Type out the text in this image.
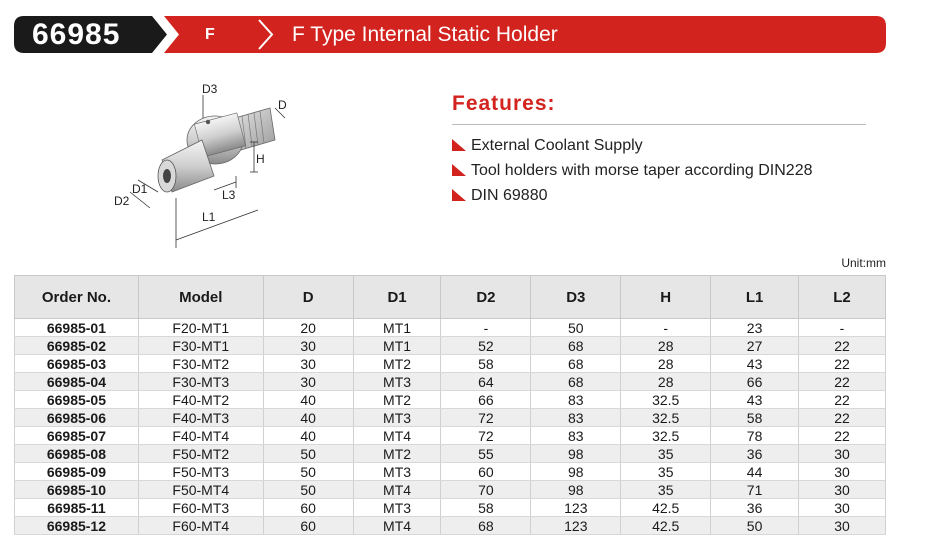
66985	F	F Type Internal Static Holder
D3
D
H
D1
D2	L3
L1
Features:
External Coolant Supply
Tool holders with morse taper according DIN228
DIN 69880
Unit:mm
Order No.	Model	D	D1	D2	D3	H	L1	L2
66985-01	F20-MT1	20	MT1	-	50	-	23	-
66985-02	F30-MT1	30	MT1	52	68	28	27	22
66985-03	F30-MT2	30	MT2	58	68	28	43	22
66985-04	F30-MT3	30	MT3	64	68	28	66	22
66985-05	F40-MT2	40	MT2	66	83	32.5	43	22
66985-06	F40-MT3	40	MT3	72	83	32.5	58	22
66985-07	F40-MT4	40	MT4	72	83	32.5	78	22
66985-08	F50-MT2	50	MT2	55	98	35	36	30
66985-09	F50-MT3	50	MT3	60	98	35	44	30
66985-10	F50-MT4	50	MT4	70	98	35	71	30
66985-11	F60-MT3	60	MT3	58	123	42.5	36	30
66985-12	F60-MT4	60	MT4	68	123	42.5	50	30
